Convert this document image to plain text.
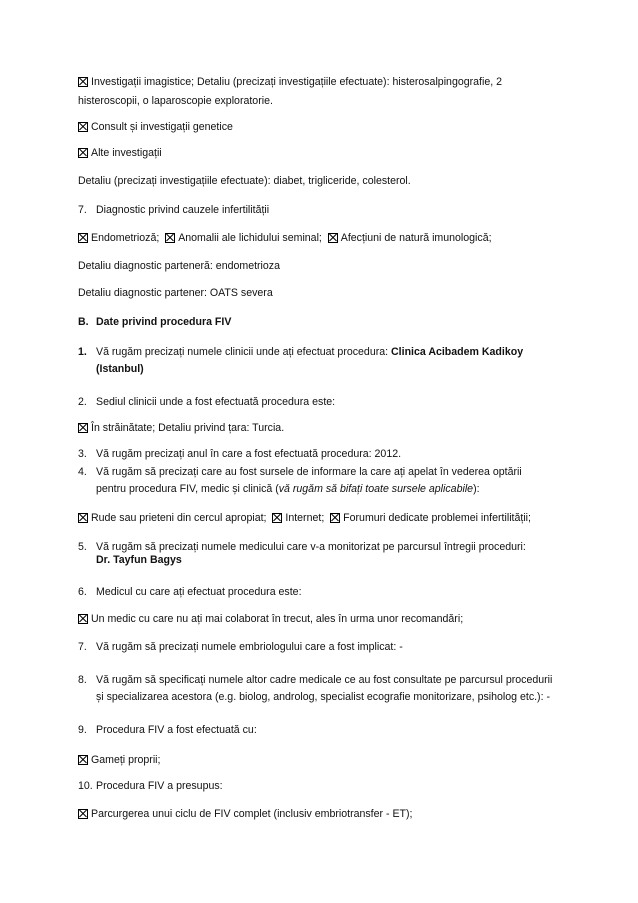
Investigații imagistice; Detaliu (precizați investigațiile efectuate): histerosalpingografie, 2
histeroscopii, o laparoscopie exploratorie.
Consult și investigații genetice
Alte investigații
Detaliu (precizați investigațiile efectuate): diabet, trigliceride, colesterol.
7. Diagnostic privind cauzele infertilității
Endometrioză; Anomalii ale lichidului seminal; Afecțiuni de natură imunologică;
Detaliu diagnostic parteneră: endometrioza
Detaliu diagnostic partener: OATS severa
B. Date privind procedura FIV
1. Vă rugăm precizați numele clinicii unde ați efectuat procedura: Clinica Acibadem Kadikoy
(Istanbul)
2. Sediul clinicii unde a fost efectuată procedura este:
În străinătate; Detaliu privind țara: Turcia.
3. Vă rugăm precizați anul în care a fost efectuată procedura: 2012.
4. Vă rugăm să precizați care au fost sursele de informare la care ați apelat în vederea optării
pentru procedura FIV, medic și clinică (vă rugăm să bifați toate sursele aplicabile):
Rude sau prieteni din cercul apropiat; Internet; Forumuri dedicate problemei infertilității;
5. Vă rugăm să precizați numele medicului care v-a monitorizat pe parcursul întregii proceduri:
Dr. Tayfun Bagys
6. Medicul cu care ați efectuat procedura este:
Un medic cu care nu ați mai colaborat în trecut, ales în urma unor recomandări;
7. Vă rugăm să precizați numele embriologului care a fost implicat: -
8. Vă rugăm să specificați numele altor cadre medicale ce au fost consultate pe parcursul procedurii
și specializarea acestora (e.g. biolog, androlog, specialist ecografie monitorizare, psiholog etc.): -
9. Procedura FIV a fost efectuată cu:
Gameți proprii;
10. Procedura FIV a presupus:
Parcurgerea unui ciclu de FIV complet (inclusiv embriotransfer - ET);
